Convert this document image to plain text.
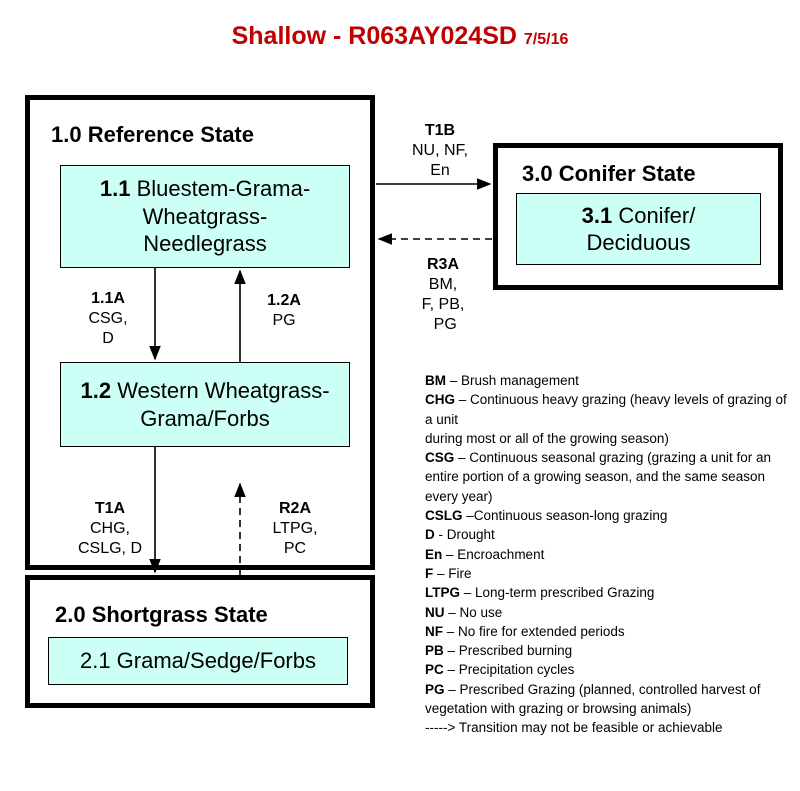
Shallow - R063AY024SD 7/5/16
1.0 Reference State
1.1 Bluestem-Grama-
Wheatgrass-
Needlegrass
1.2 Western Wheatgrass-
Grama/Forbs
3.0 Conifer State
3.1 Conifer/
Deciduous
2.0 Shortgrass State
2.1 Grama/Sedge/Forbs
1.1A
CSG,
D
1.2A
PG
T1B
NU, NF,
En
R3A
BM,
F, PB,
PG
T1A
CHG,
CSLG, D
R2A
LTPG,
PC

BM – Brush management

CHG – Continuous heavy grazing (heavy levels of grazing of a unit

during most or all of the growing season)

CSG – Continuous seasonal grazing (grazing a unit for an entire portion of a growing season, and the same season every year)

CSLG –Continuous season-long grazing

D - Drought

En – Encroachment

F – Fire

LTPG – Long-term prescribed Grazing

NU – No use

NF – No fire for extended periods

PB – Prescribed burning

PC – Precipitation cycles

PG – Prescribed Grazing (planned, controlled harvest of vegetation with grazing or browsing animals)

-----> Transition may not be feasible or achievable
